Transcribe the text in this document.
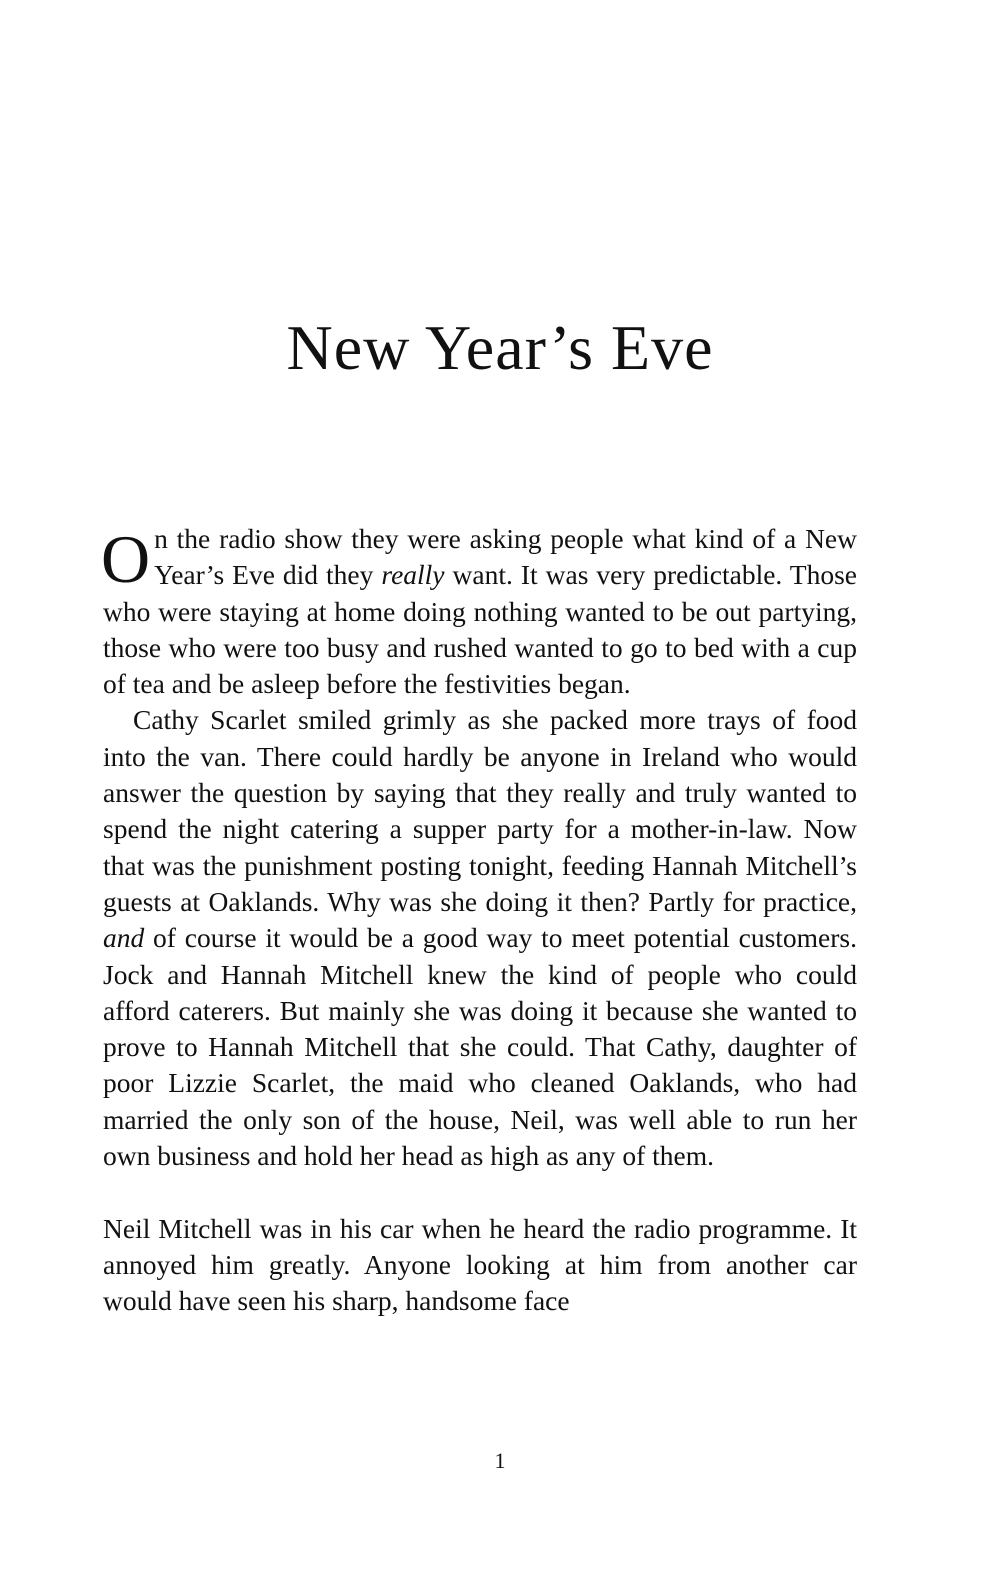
New Year’s Eve

On the radio show they were asking people what kind of a New Year’s Eve did they really want. It was very predictable. Those who were staying at home doing nothing wanted to be out partying, those who were too busy and rushed wanted to go to bed with a cup of tea and be asleep before the festivities began.

Cathy Scarlet smiled grimly as she packed more trays of food into the van. There could hardly be anyone in Ireland who would answer the question by saying that they really and truly wanted to spend the night catering a supper party for a mother-in-law. Now that was the punishment posting tonight, feeding Hannah Mitchell’s guests at Oaklands. Why was she doing it then? Partly for practice, and of course it would be a good way to meet potential customers. Jock and Hannah Mitchell knew the kind of people who could afford caterers. But mainly she was doing it because she wanted to prove to Hannah Mitchell that she could. That Cathy, daughter of poor Lizzie Scarlet, the maid who cleaned Oaklands, who had married the only son of the house, Neil, was well able to run her own business and hold her head as high as any of them.

Neil Mitchell was in his car when he heard the radio programme. It annoyed him greatly. Anyone looking at him from another car would have seen his sharp, handsome face

1
